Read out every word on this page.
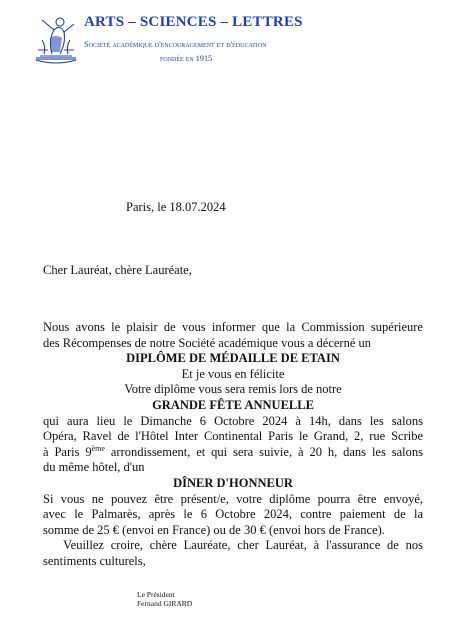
ARTS – SCIENCES – LETTRES
Société académique d'encouragement et d'éducation
fondée en 1915
Paris, le 18.07.2024
Cher Lauréat, chère Lauréate,
Nous avons le plaisir de vous informer que la Commission supérieure
des Récompenses de notre Société académique vous a décerné un
DIPLÔME DE MÉDAILLE DE ETAIN
Et je vous en félicite
Votre diplôme vous sera remis lors de notre
GRANDE FÊTE ANNUELLE
qui aura lieu le Dimanche 6 Octobre 2024 à 14h, dans les salons
Opéra, Ravel de l'Hôtel Inter Continental Paris le Grand, 2, rue Scribe
à Paris 9ème arrondissement, et qui sera suivie, à 20 h, dans les salons
du même hôtel, d'un
DÎNER D'HONNEUR
Si vous ne pouvez être présent/e, votre diplôme pourra être envoyé,
avec le Palmarès, après le 6 Octobre 2024, contre paiement de la
somme de 25 € (envoi en France) ou de 30 € (envoi hors de France).
Veuillez croire, chère Lauréate, cher Lauréat, à l'assurance de nos
sentiments culturels,
Le Président
Fernand GIRARD
